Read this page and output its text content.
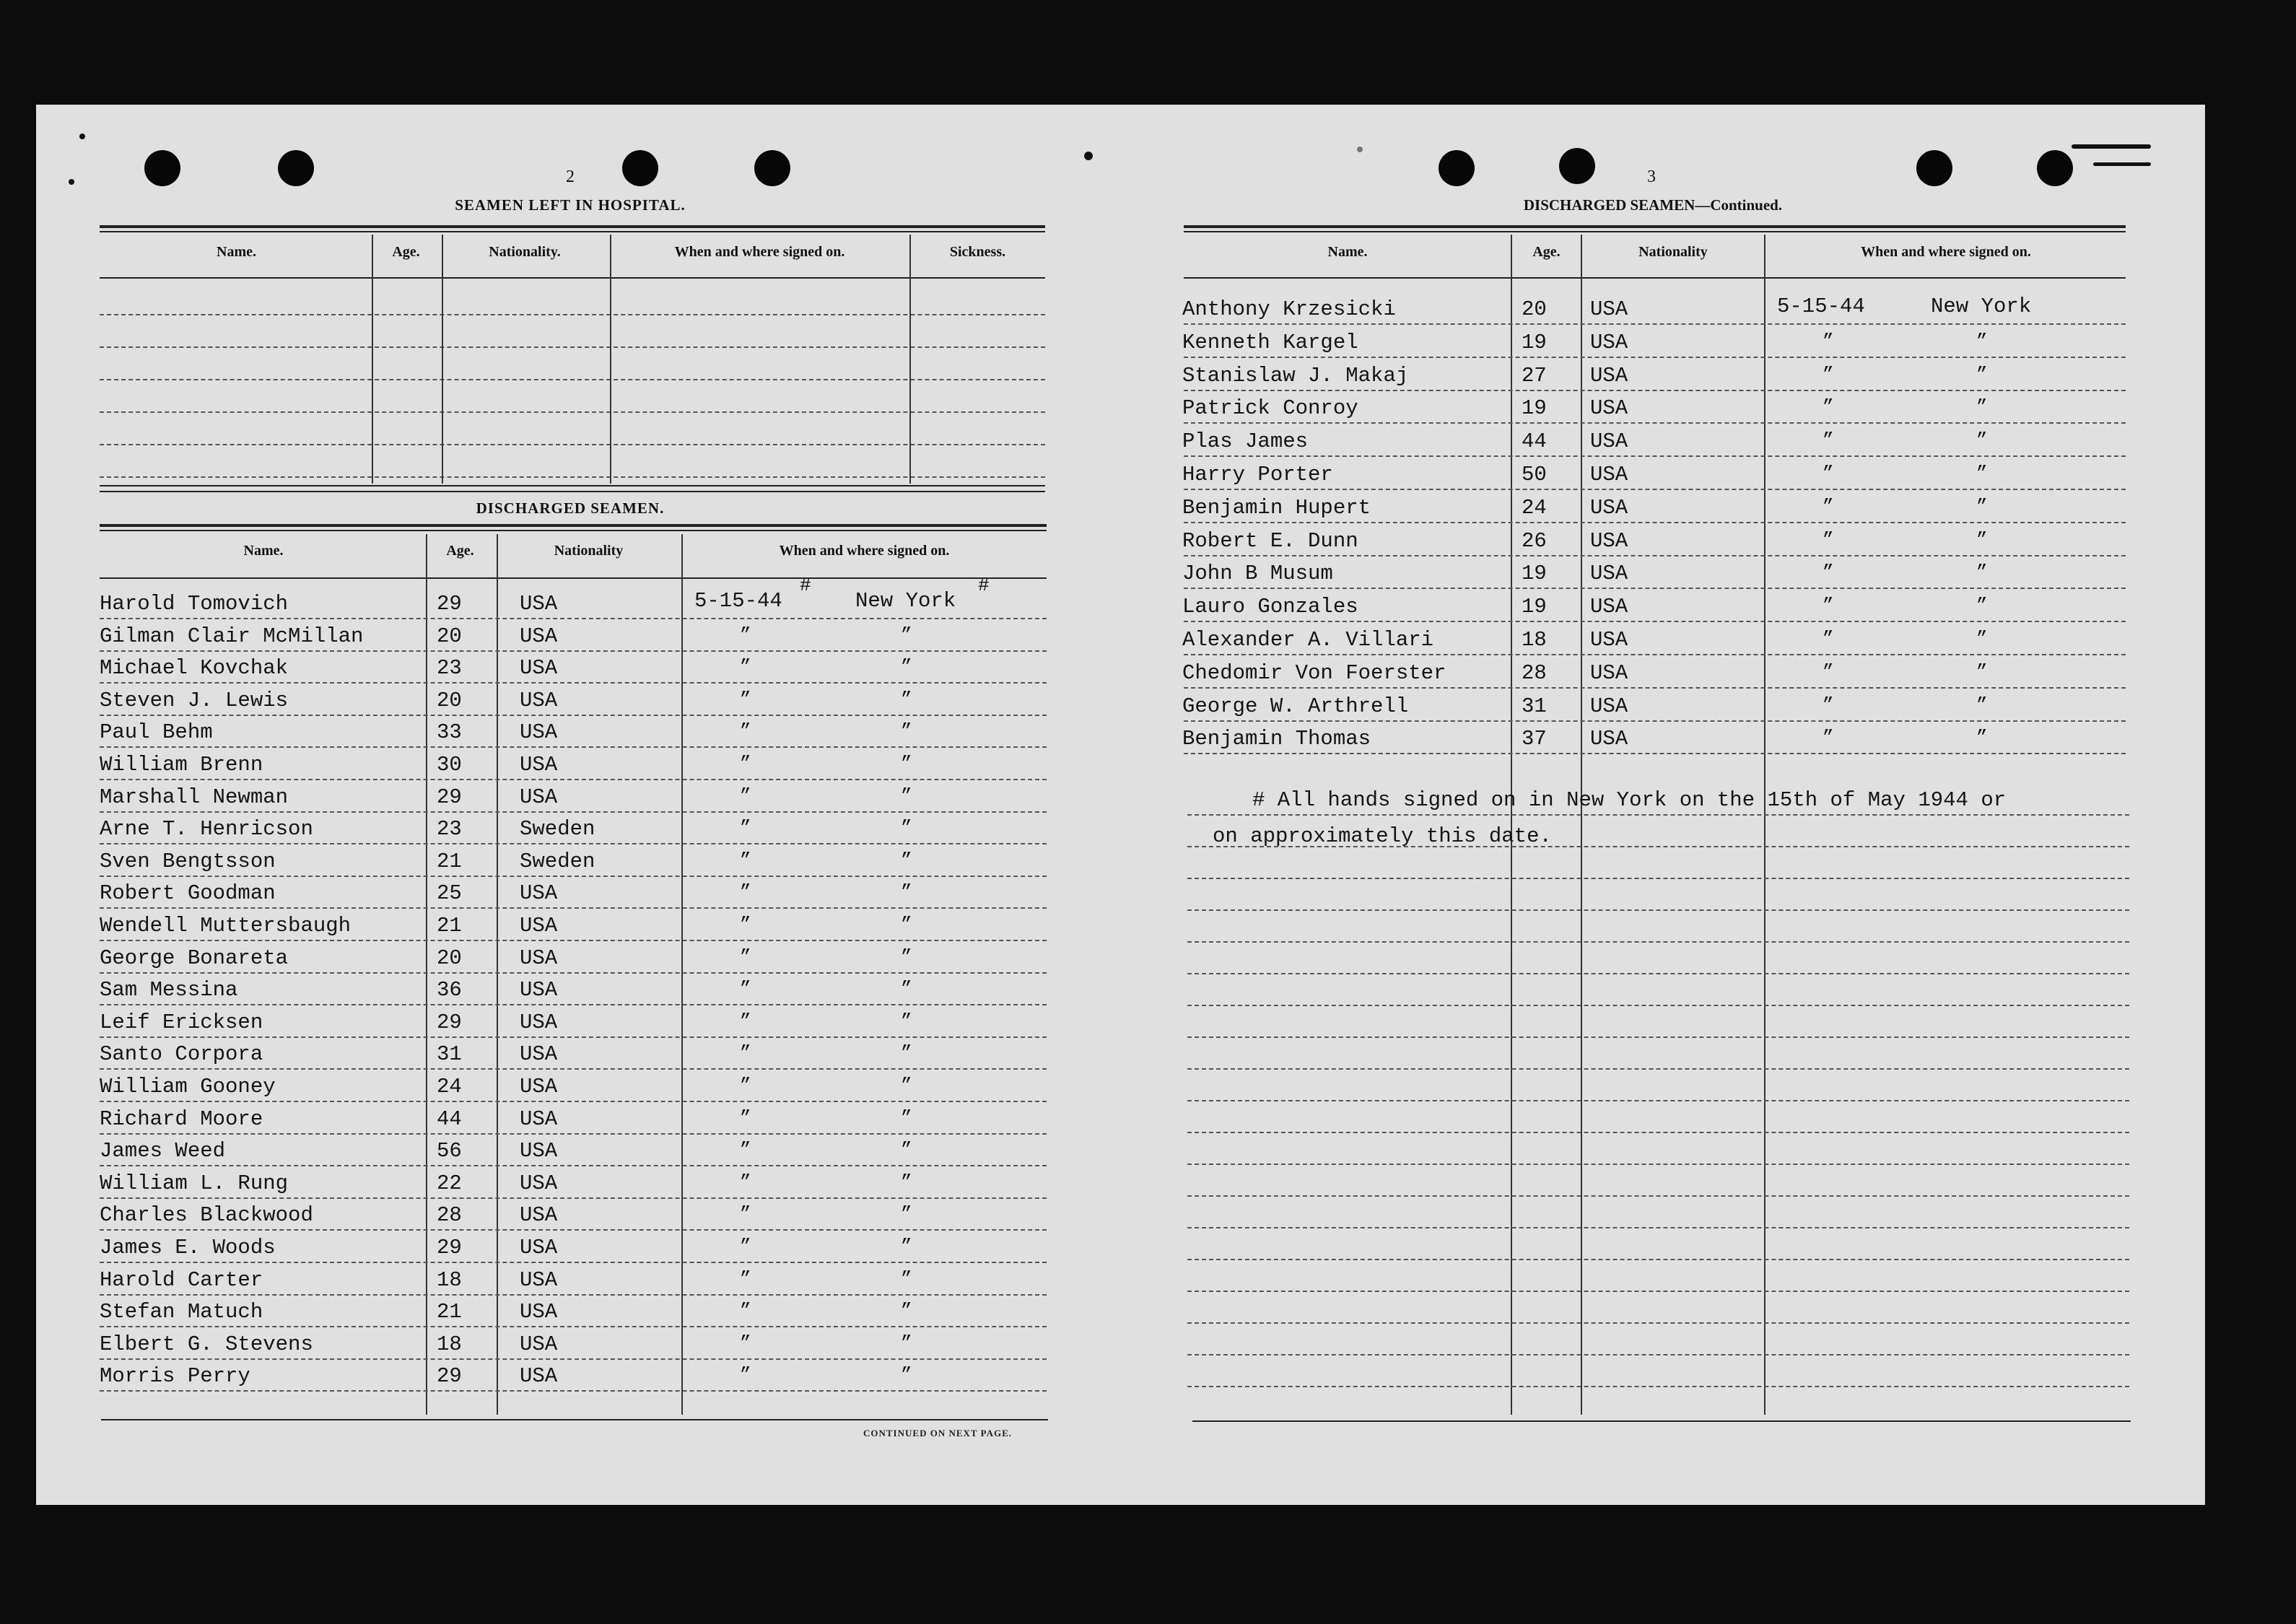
2
SEAMEN LEFT IN HOSPITAL.
Name.	Age.	Nationality.	When and where signed on.	Sickness.
DISCHARGED SEAMEN.
Name.	Age.	Nationality	When and where signed on.
Harold Tomovich	29	USA	5-15-44	New York
Gilman Clair McMillan	20	USA	”	”
Michael Kovchak	23	USA	”	”
Steven J. Lewis	20	USA	”	”
Paul Behm	33	USA	”	”
William Brenn	30	USA	”	”
Marshall Newman	29	USA	”	”
Arne T. Henricson	23	Sweden	”	”
Sven Bengtsson	21	Sweden	”	”
Robert Goodman	25	USA	”	”
Wendell Muttersbaugh	21	USA	”	”
George Bonareta	20	USA	”	”
Sam Messina	36	USA	”	”
Leif Ericksen	29	USA	”	”
Santo Corpora	31	USA	”	”
William Gooney	24	USA	”	”
Richard Moore	44	USA	”	”
James Weed	56	USA	”	”
William L. Rung	22	USA	”	”
Charles Blackwood	28	USA	”	”
James E. Woods	29	USA	”	”
Harold Carter	18	USA	”	”
Stefan Matuch	21	USA	”	”
Elbert G. Stevens	18	USA	”	”
Morris Perry	29	USA	”	”
#	#
CONTINUED ON NEXT PAGE.
3
DISCHARGED SEAMEN—Continued.
Name.	Age.	Nationality	When and where signed on.
Anthony Krzesicki	20 USA	5-15-44	New York
Kenneth Kargel	19 USA	”	”
Stanislaw J. Makaj	27 USA	”	”
Patrick Conroy	19 USA	”	”
Plas James	44 USA	”	”
Harry Porter	50 USA	”	”
Benjamin Hupert	24 USA	”	”
Robert E. Dunn	26 USA	”	”
John B Musum	19 USA	”	”
Lauro Gonzales	19 USA	”	”
Alexander A. Villari	18 USA	”	”
Chedomir Von Foerster	28 USA	”	”
George W. Arthrell	31 USA	”	”
Benjamin Thomas	37 USA	”	”
# All hands signed on in New York on the 15th of May 1944 or
on approximately this date.
